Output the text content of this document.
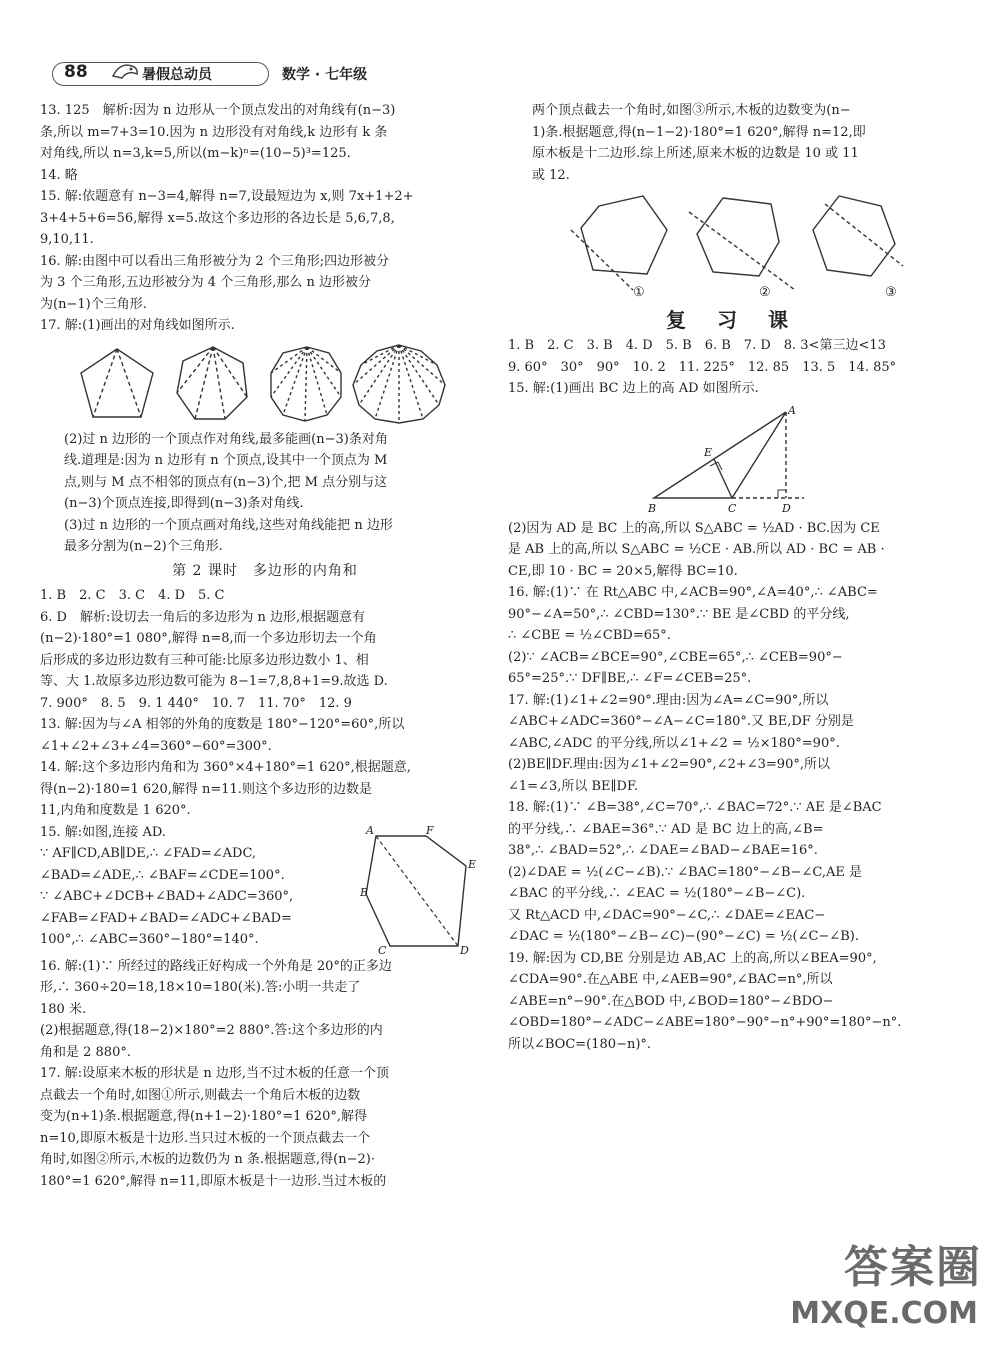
88	暑假总动员	数学 · 七年级

13. 125　解析:因为 n 边形从一个顶点发出的对角线有(n−3)

条,所以 m=7+3=10.因为 n 边形没有对角线,k 边形有 k 条

对角线,所以 n=3,k=5,所以(m−k)ⁿ=(10−5)³=125.

14. 略

15. 解:依题意有 n−3=4,解得 n=7,设最短边为 x,则 7x+1+2+

3+4+5+6=56,解得 x=5.故这个多边形的各边长是 5,6,7,8,

9,10,11.

16. 解:由图中可以看出三角形被分为 2 个三角形;四边形被分

为 3 个三角形,五边形被分为 4 个三角形,那么 n 边形被分

为(n−1)个三角形.

17. 解:(1)画出的对角线如图所示.

(2)过 n 边形的一个顶点作对角线,最多能画(n−3)条对角

线.道理是:因为 n 边形有 n 个顶点,设其中一个顶点为 M

点,则与 M 点不相邻的顶点有(n−3)个,把 M 点分别与这

(n−3)个顶点连接,即得到(n−3)条对角线.

(3)过 n 边形的一个顶点画对角线,这些对角线能把 n 边形

最多分割为(n−2)个三角形.

第 2 课时　多边形的内角和

1. B　2. C　3. C　4. D　5. C

6. D　解析:设切去一角后的多边形为 n 边形,根据题意有

(n−2)·180°=1 080°,解得 n=8,而一个多边形切去一个角

后形成的多边形边数有三种可能:比原多边形边数小 1、相

等、大 1.故原多边形边数可能为 8−1=7,8,8+1=9.故选 D.

7. 900°　8. 5　9. 1 440°　10. 7　11. 70°　12. 9

13. 解:因为与∠A 相邻的外角的度数是 180°−120°=60°,所以

∠1+∠2+∠3+∠4=360°−60°=300°.

14. 解:这个多边形内角和为 360°×4+180°=1 620°,根据题意,

得(n−2)·180=1 620,解得 n=11.则这个多边形的边数是

11,内角和度数是 1 620°.

15. 解:如图,连接 AD.

∵ AF∥CD,AB∥DE,∴ ∠FAD=∠ADC,

∠BAD=∠ADE,∴ ∠BAF=∠CDE=100°.

∵ ∠ABC+∠DCB+∠BAD+∠ADC=360°,

∠FAB=∠FAD+∠BAD=∠ADC+∠BAD=

100°,∴ ∠ABC=360°−180°=140°.

A	F
E
D
C
B

16. 解:(1)∵ 所经过的路线正好构成一个外角是 20°的正多边

形,∴ 360÷20=18,18×10=180(米).答:小明一共走了

180 米.

(2)根据题意,得(18−2)×180°=2 880°.答:这个多边形的内

角和是 2 880°.

17. 解:设原来木板的形状是 n 边形,当不过木板的任意一个顶

点截去一个角时,如图①所示,则截去一个角后木板的边数

变为(n+1)条.根据题意,得(n+1−2)·180°=1 620°,解得

n=10,即原木板是十边形.当只过木板的一个顶点截去一个

角时,如图②所示,木板的边数仍为 n 条.根据题意,得(n−2)·

180°=1 620°,解得 n=11,即原木板是十一边形.当过木板的

两个顶点截去一个角时,如图③所示,木板的边数变为(n−

1)条.根据题意,得(n−1−2)·180°=1 620°,解得 n=12,即

原木板是十二边形.综上所述,原来木板的边数是 10 或 11

或 12.

①	②	③
复 习 课

1. B　2. C　3. B　4. D　5. B　6. B　7. D　8. 3<第三边<13

9. 60°　30°　90°　10. 2　11. 225°　12. 85　13. 5　14. 85°

15. 解:(1)画出 BC 边上的高 AD 如图所示.

A
E
B	C	D

(2)因为 AD 是 BC 上的高,所以 S△ABC = ½AD · BC.因为 CE

是 AB 上的高,所以 S△ABC = ½CE · AB.所以 AD · BC = AB ·

CE,即 10 · BC = 20×5,解得 BC=10.

16. 解:(1)∵ 在 Rt△ABC 中,∠ACB=90°,∠A=40°,∴ ∠ABC=

90°−∠A=50°,∴ ∠CBD=130°.∵ BE 是∠CBD 的平分线,

∴ ∠CBE = ½∠CBD=65°.

(2)∵ ∠ACB=∠BCE=90°,∠CBE=65°,∴ ∠CEB=90°−

65°=25°.∵ DF∥BE,∴ ∠F=∠CEB=25°.

17. 解:(1)∠1+∠2=90°.理由:因为∠A=∠C=90°,所以

∠ABC+∠ADC=360°−∠A−∠C=180°.又 BE,DF 分别是

∠ABC,∠ADC 的平分线,所以∠1+∠2 = ½×180°=90°.

(2)BE∥DF.理由:因为∠1+∠2=90°,∠2+∠3=90°,所以

∠1=∠3,所以 BE∥DF.

18. 解:(1)∵ ∠B=38°,∠C=70°,∴ ∠BAC=72°.∵ AE 是∠BAC

的平分线,∴ ∠BAE=36°.∵ AD 是 BC 边上的高,∠B=

38°,∴ ∠BAD=52°,∴ ∠DAE=∠BAD−∠BAE=16°.

(2)∠DAE = ½(∠C−∠B).∵ ∠BAC=180°−∠B−∠C,AE 是

∠BAC 的平分线,∴ ∠EAC = ½(180°−∠B−∠C).

又 Rt△ACD 中,∠DAC=90°−∠C,∴ ∠DAE=∠EAC−

∠DAC = ½(180°−∠B−∠C)−(90°−∠C) = ½(∠C−∠B).

19. 解:因为 CD,BE 分别是边 AB,AC 上的高,所以∠BEA=90°,

∠CDA=90°.在△ABE 中,∠AEB=90°,∠BAC=n°,所以

∠ABE=n°−90°.在△BOD 中,∠BOD=180°−∠BDO−

∠OBD=180°−∠ADC−∠ABE=180°−90°−n°+90°=180°−n°.

所以∠BOC=(180−n)°.

答案圈
MXQE.COM
